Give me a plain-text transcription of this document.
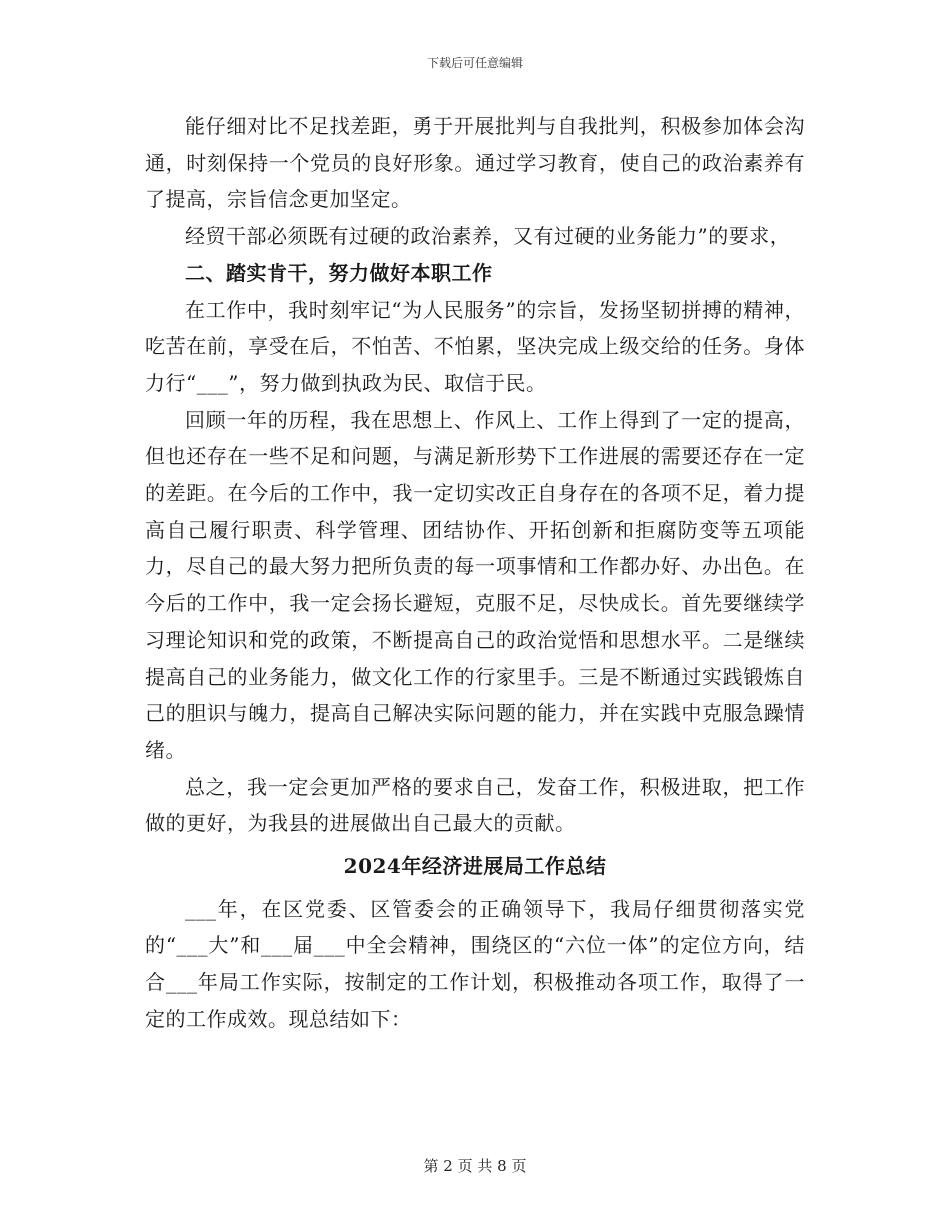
下载后可任意编辑

能仔细对比不足找差距，勇于开展批判与自我批判，积极参加体会沟通，时刻保持一个党员的良好形象。通过学习教育，使自己的政治素养有了提高，宗旨信念更加坚定。

经贸干部必须既有过硬的政治素养，又有过硬的业务能力”的要求，

二、踏实肯干，努力做好本职工作

在工作中，我时刻牢记“为人民服务”的宗旨，发扬坚韧拼搏的精神，吃苦在前，享受在后，不怕苦、不怕累，坚决完成上级交给的任务。身体力行“___”，努力做到执政为民、取信于民。

回顾一年的历程，我在思想上、作风上、工作上得到了一定的提高，但也还存在一些不足和问题，与满足新形势下工作进展的需要还存在一定的差距。在今后的工作中，我一定切实改正自身存在的各项不足，着力提高自己履行职责、科学管理、团结协作、开拓创新和拒腐防变等五项能力，尽自己的最大努力把所负责的每一项事情和工作都办好、办出色。在今后的工作中，我一定会扬长避短，克服不足，尽快成长。首先要继续学习理论知识和党的政策，不断提高自己的政治觉悟和思想水平。二是继续提高自己的业务能力，做文化工作的行家里手。三是不断通过实践锻炼自己的胆识与魄力，提高自己解决实际问题的能力，并在实践中克服急躁情绪。

总之，我一定会更加严格的要求自己，发奋工作，积极进取，把工作做的更好，为我县的进展做出自己最大的贡献。

2024年经济进展局工作总结

___年，在区党委、区管委会的正确领导下，我局仔细贯彻落实党的“___大”和___届___中全会精神，围绕区的“六位一体”的定位方向，结合___年局工作实际，按制定的工作计划，积极推动各项工作，取得了一定的工作成效。现总结如下：

第 2 页 共 8 页
